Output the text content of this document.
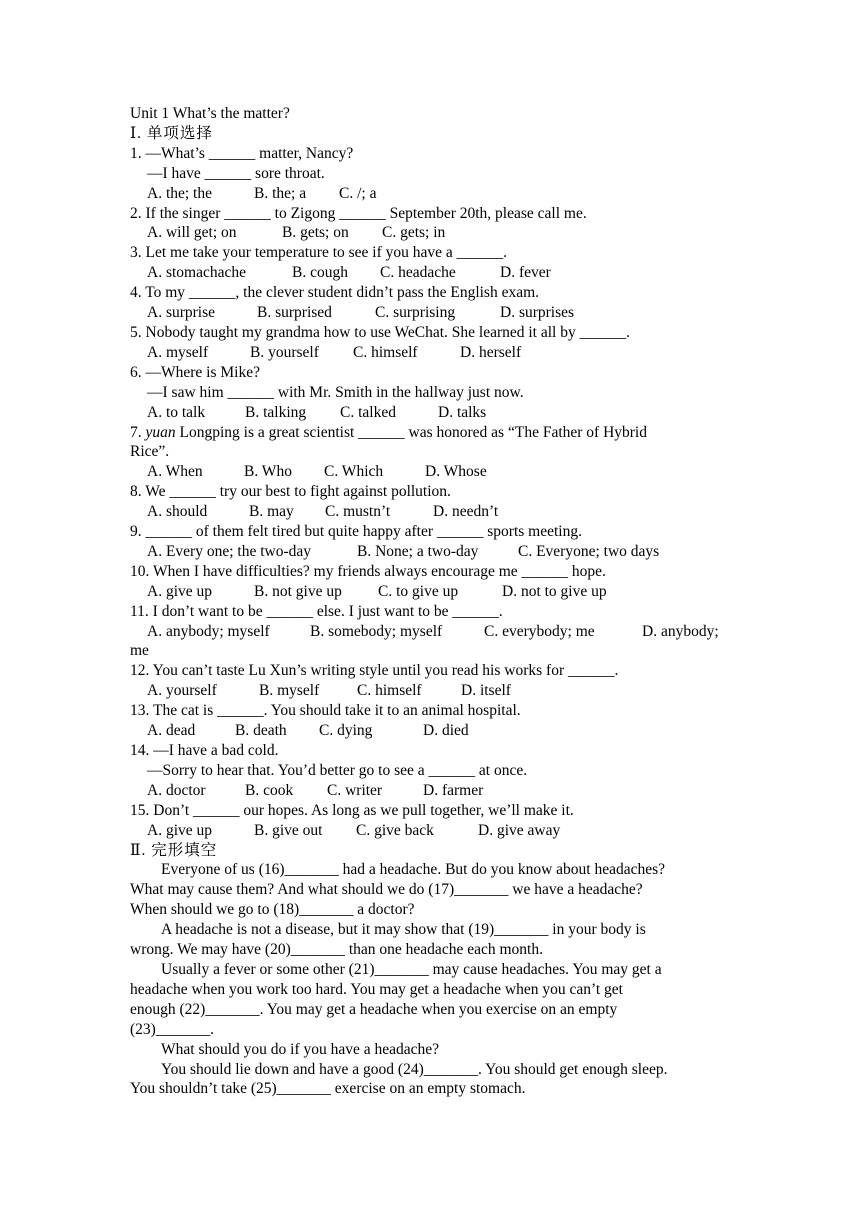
Unit 1 What’s the matter?
Ⅰ. 单项选择
1. —What’s ______ matter, Nancy?
—I have ______ sore throat.
A. the; the	B. the; a C. /; a
2. If the singer ______ to Zigong ______ September 20th, please call me.
A. will get; on	B. gets; on C. gets; in
3. Let me take your temperature to see if you have a ______.
A. stomachache	B. cough C. headache	D. fever
4. To my ______, the clever student didn’t pass the English exam.
A. surprise	B. surprised	C. surprising	D. surprises
5. Nobody taught my grandma how to use WeChat. She learned it all by ______.
A. myself	B. yourself C. himself	D. herself
6. —Where is Mike?
—I saw him ______ with Mr. Smith in the hallway just now.
A. to talk	B. talking C. talked	D. talks
7. yuan Longping is a great scientist ______ was honored as “The Father of Hybrid
Rice”.
A. When	B. Who C. Which	D. Whose
8. We ______ try our best to fight against pollution.
A. should	B. may C. mustn’t	D. needn’t
9. ______ of them felt tired but quite happy after ______ sports meeting.
A. Every one; the two-day	B. None; a two-day	C. Everyone; two days
10. When I have difficulties? my friends always encourage me ______ hope.
A. give up	B. not give up C. to give up	D. not to give up
11. I don’t want to be ______ else. I just want to be ______.
A. anybody; myself	B. somebody; myself	C. everybody; me	D. anybody;
me
12. You can’t taste Lu Xun’s writing style until you read his works for ______.
A. yourself	B. myself C. himself	D. itself
13. The cat is ______. You should take it to an animal hospital.
A. dead	B. death C. dying	D. died
14. —I have a bad cold.
—Sorry to hear that. You’d better go to see a ______ at once.
A. doctor	B. cook C. writer	D. farmer
15. Don’t ______ our hopes. As long as we pull together, we’ll make it.
A. give up	B. give out C. give back	D. give away
Ⅱ. 完形填空
Everyone of us (16)_______ had a headache. But do you know about headaches?
What may cause them? And what should we do (17)_______ we have a headache?
When should we go to (18)_______ a doctor?
A headache is not a disease, but it may show that (19)_______ in your body is
wrong. We may have (20)_______ than one headache each month.
Usually a fever or some other (21)_______ may cause headaches. You may get a
headache when you work too hard. You may get a headache when you can’t get
enough (22)_______. You may get a headache when you exercise on an empty
(23)_______.
What should you do if you have a headache?
You should lie down and have a good (24)_______. You should get enough sleep.
You shouldn’t take (25)_______ exercise on an empty stomach.
